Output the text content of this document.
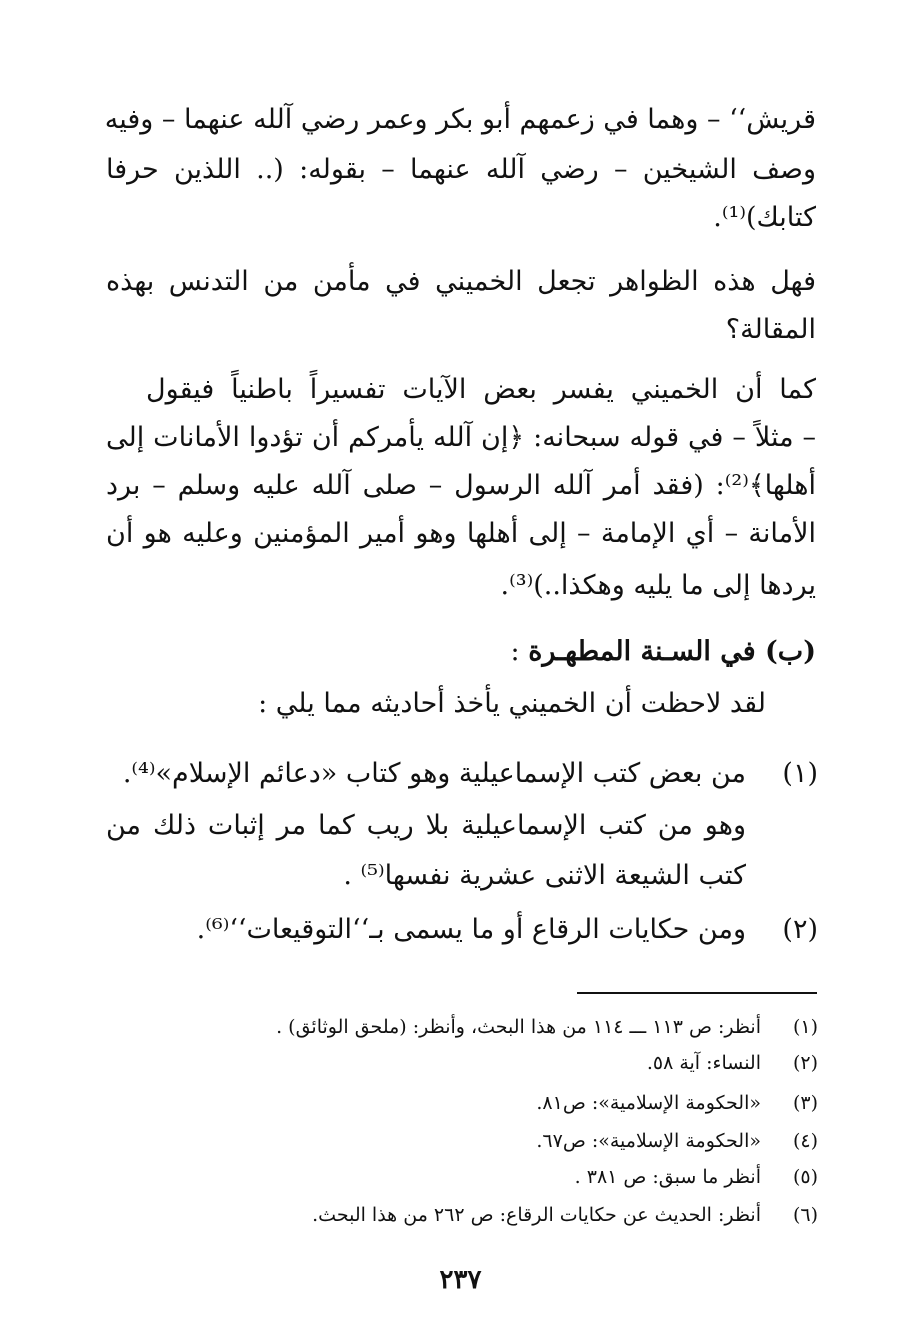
قريش‘‘ – وهما في زعمهم أبو بكر وعمر رضي آلله عنهما – وفيه
وصف الشيخين – رضي آلله عنهما – بقوله: (.. اللذين حرفا
كتابك)⁽¹⁾.
فهل هذه الظواهر تجعل الخميني في مأمن من التدنس بهذه
المقالة؟
كما أن الخميني يفسر بعض الآيات تفسيراً باطنياً فيقول
– مثلاً – في قوله سبحانه: ﴿إن آلله يأمركم أن تؤدوا الأمانات إلى
أهلها﴾⁽²⁾: (فقد أمر آلله الرسول – صلى آلله عليه وسلم – برد
الأمانة – أي الإمامة – إلى أهلها وهو أمير المؤمنين وعليه هو أن
يردها إلى ما يليه وهكذا..)⁽³⁾.
(ب) في السـنة المطهـرة :
لقد لاحظت أن الخميني يأخذ أحاديثه مما يلي :
(١)
من بعض كتب الإسماعيلية وهو كتاب «دعائم الإسلام»⁽⁴⁾.
وهو من كتب الإسماعيلية بلا ريب كما مر إثبات ذلك من
كتب الشيعة الاثنى عشرية نفسها⁽⁵⁾ .
(٢)
ومن حكايات الرقاع أو ما يسمى بـ‘‘التوقيعات‘‘⁽⁶⁾.
(١)
أنظر: ص ١١٣ ـــ ١١٤ من هذا البحث، وأنظر: (ملحق الوثائق) .
(٢)
النساء: آية ٥٨.
(٣)
«الحكومة الإسلامية»: ص٨١.
(٤)
«الحكومة الإسلامية»: ص٦٧.
(٥)
أنظر ما سبق: ص ٣٨١ .
(٦)
أنظر: الحديث عن حكايات الرقاع: ص ٢٦٢ من هذا البحث.
٢٣٧
